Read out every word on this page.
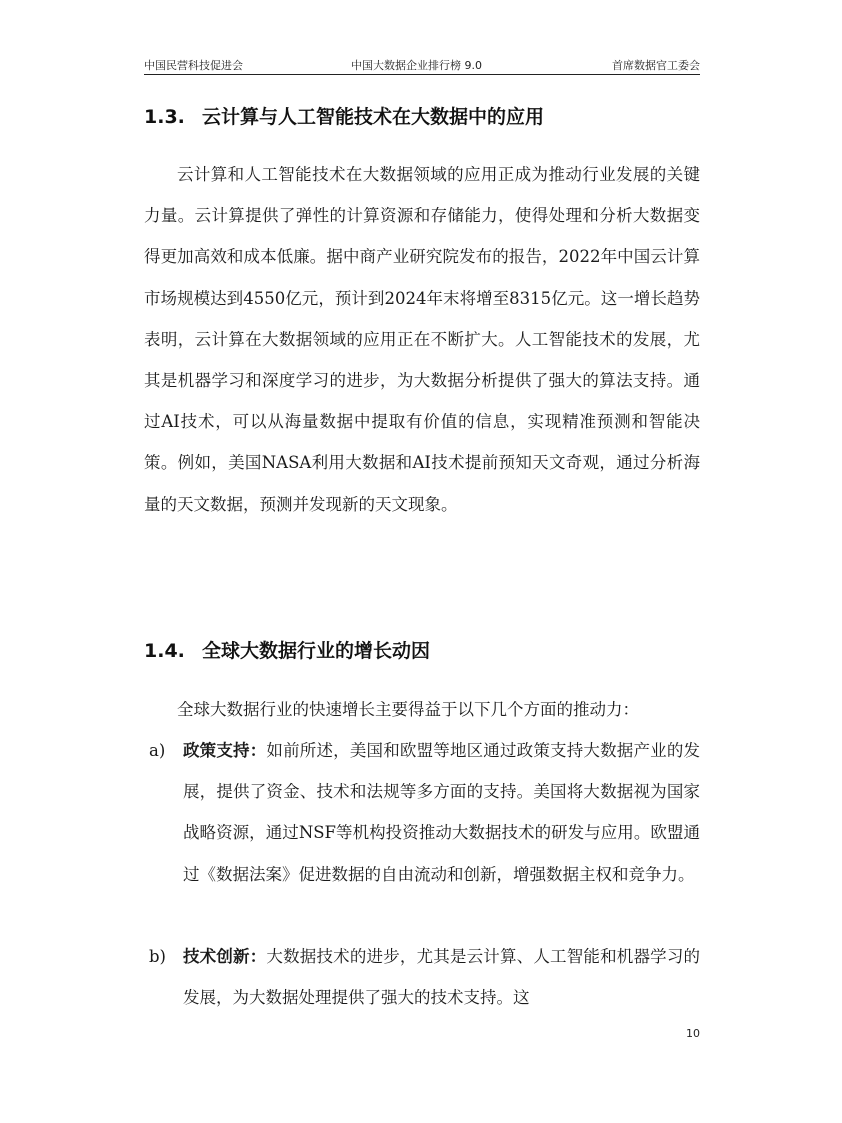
中国民营科技促进会	中国大数据企业排行榜 9.0	首席数据官工委会
1.3. 云计算与人工智能技术在大数据中的应用

云计算和人工智能技术在大数据领域的应用正成为推动行业发展的关键力量。云计算提供了弹性的计算资源和存储能力，使得处理和分析大数据变得更加高效和成本低廉。据中商产业研究院发布的报告，2022年中国云计算市场规模达到4550亿元，预计到2024年末将增至8315亿元。这一增长趋势表明，云计算在大数据领域的应用正在不断扩大。人工智能技术的发展，尤其是机器学习和深度学习的进步，为大数据分析提供了强大的算法支持。通过AI技术，可以从海量数据中提取有价值的信息，实现精准预测和智能决策。例如，美国NASA利用大数据和AI技术提前预知天文奇观，通过分析海量的天文数据，预测并发现新的天文现象。

1.4. 全球大数据行业的增长动因

全球大数据行业的快速增长主要得益于以下几个方面的推动力：

a)	政策支持：如前所述，美国和欧盟等地区通过政策支持大数据产业的发展，提供了资金、技术和法规等多方面的支持。美国将大数据视为国家战略资源，通过NSF等机构投资推动大数据技术的研发与应用。欧盟通过《数据法案》促进数据的自由流动和创新，增强数据主权和竞争力。
b)	技术创新：大数据技术的进步，尤其是云计算、人工智能和机器学习的发展，为大数据处理提供了强大的技术支持。这
10
